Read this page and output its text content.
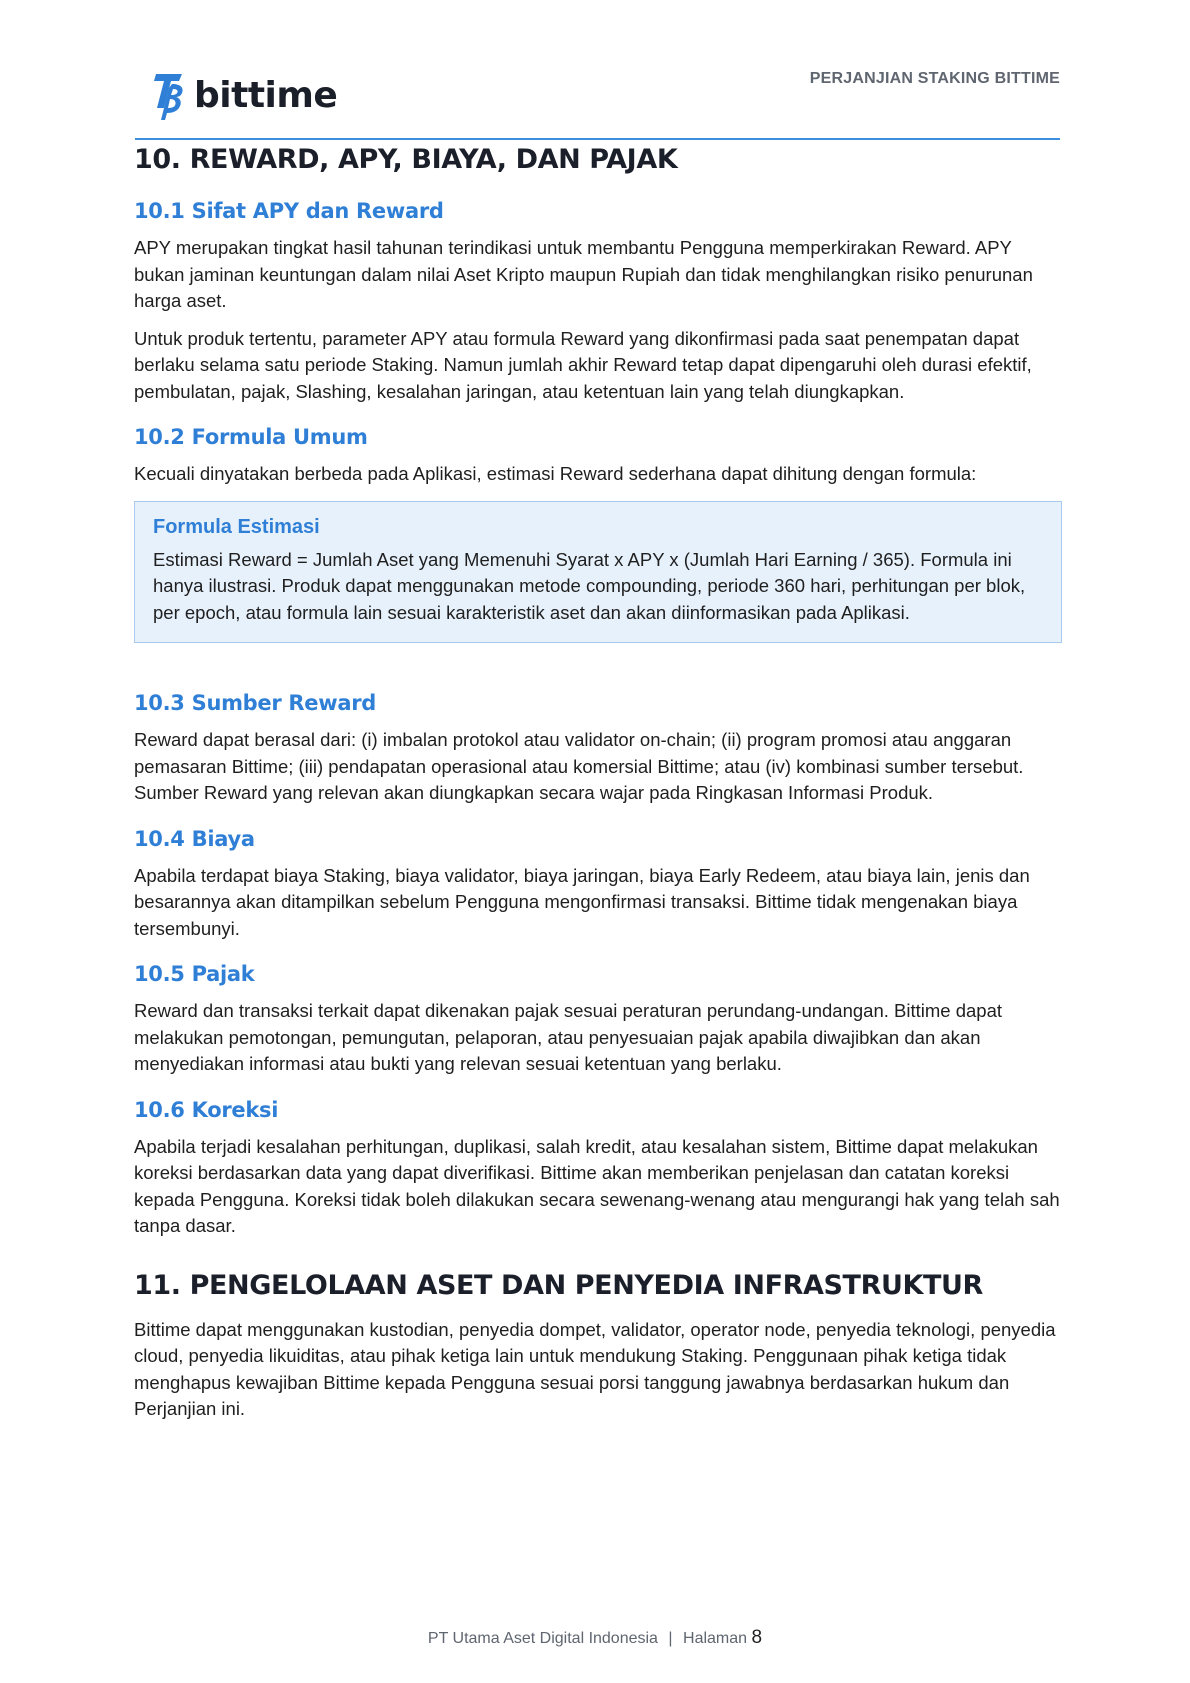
bittime	PERJANJIAN STAKING BITTIME
10. REWARD, APY, BIAYA, DAN PAJAK
10.1 Sifat APY dan Reward

APY merupakan tingkat hasil tahunan terindikasi untuk membantu Pengguna memperkirakan Reward. APY bukan jaminan keuntungan dalam nilai Aset Kripto maupun Rupiah dan tidak menghilangkan risiko penurunan harga aset.

Untuk produk tertentu, parameter APY atau formula Reward yang dikonfirmasi pada saat penempatan dapat berlaku selama satu periode Staking. Namun jumlah akhir Reward tetap dapat dipengaruhi oleh durasi efektif, pembulatan, pajak, Slashing, kesalahan jaringan, atau ketentuan lain yang telah diungkapkan.

10.2 Formula Umum

Kecuali dinyatakan berbeda pada Aplikasi, estimasi Reward sederhana dapat dihitung dengan formula:

Formula Estimasi

Estimasi Reward = Jumlah Aset yang Memenuhi Syarat x APY x (Jumlah Hari Earning / 365). Formula ini hanya ilustrasi. Produk dapat menggunakan metode compounding, periode 360 hari, perhitungan per blok, per epoch, atau formula lain sesuai karakteristik aset dan akan diinformasikan pada Aplikasi.

10.3 Sumber Reward

Reward dapat berasal dari: (i) imbalan protokol atau validator on-chain; (ii) program promosi atau anggaran pemasaran Bittime; (iii) pendapatan operasional atau komersial Bittime; atau (iv) kombinasi sumber tersebut. Sumber Reward yang relevan akan diungkapkan secara wajar pada Ringkasan Informasi Produk.

10.4 Biaya

Apabila terdapat biaya Staking, biaya validator, biaya jaringan, biaya Early Redeem, atau biaya lain, jenis dan besarannya akan ditampilkan sebelum Pengguna mengonfirmasi transaksi. Bittime tidak mengenakan biaya tersembunyi.

10.5 Pajak

Reward dan transaksi terkait dapat dikenakan pajak sesuai peraturan perundang-undangan. Bittime dapat melakukan pemotongan, pemungutan, pelaporan, atau penyesuaian pajak apabila diwajibkan dan akan menyediakan informasi atau bukti yang relevan sesuai ketentuan yang berlaku.

10.6 Koreksi

Apabila terjadi kesalahan perhitungan, duplikasi, salah kredit, atau kesalahan sistem, Bittime dapat melakukan koreksi berdasarkan data yang dapat diverifikasi. Bittime akan memberikan penjelasan dan catatan koreksi kepada Pengguna. Koreksi tidak boleh dilakukan secara sewenang-wenang atau mengurangi hak yang telah sah tanpa dasar.

11. PENGELOLAAN ASET DAN PENYEDIA INFRASTRUKTUR

Bittime dapat menggunakan kustodian, penyedia dompet, validator, operator node, penyedia teknologi, penyedia cloud, penyedia likuiditas, atau pihak ketiga lain untuk mendukung Staking. Penggunaan pihak ketiga tidak menghapus kewajiban Bittime kepada Pengguna sesuai porsi tanggung jawabnya berdasarkan hukum dan Perjanjian ini.

PT Utama Aset Digital Indonesia | Halaman 8
